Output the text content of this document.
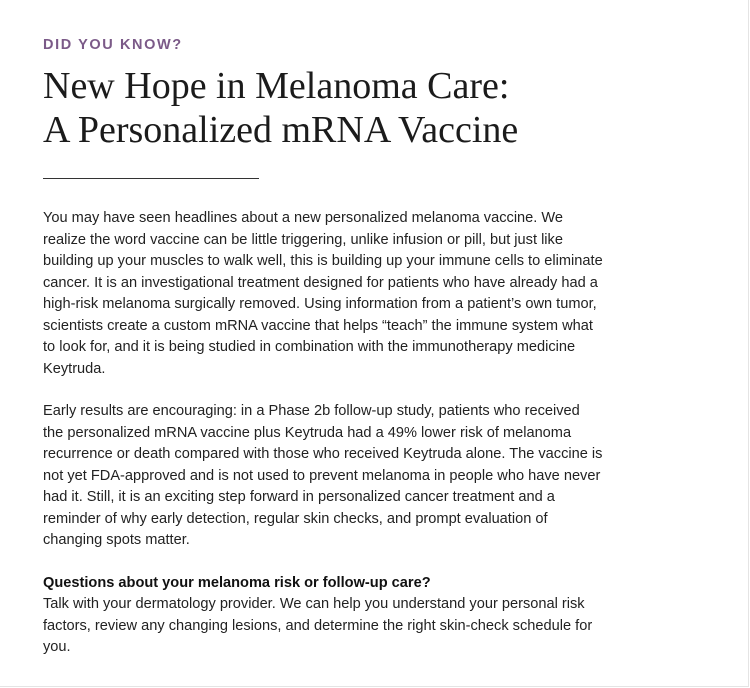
DID YOU KNOW?

New Hope in Melanoma Care:
A Personalized mRNA Vaccine

You may have seen headlines about a new personalized melanoma vaccine. We realize the word vaccine can be little triggering, unlike infusion or pill, but just like building up your muscles to walk well, this is building up your immune cells to eliminate cancer. It is an investigational treatment designed for patients who have already had a high-risk melanoma surgically removed. Using information from a patient’s own tumor, scientists create a custom mRNA vaccine that helps “teach” the immune system what to look for, and it is being studied in combination with the immunotherapy medicine Keytruda.

Early results are encouraging: in a Phase 2b follow-up study, patients who received the personalized mRNA vaccine plus Keytruda had a 49% lower risk of melanoma recurrence or death compared with those who received Keytruda alone. The vaccine is not yet FDA-approved and is not used to prevent melanoma in people who have never had it. Still, it is an exciting step forward in personalized cancer treatment and a reminder of why early detection, regular skin checks, and prompt evaluation of changing spots matter.

Questions about your melanoma risk or follow-up care?
Talk with your dermatology provider. We can help you understand your personal risk factors, review any changing lesions, and determine the right skin-check schedule for you.
